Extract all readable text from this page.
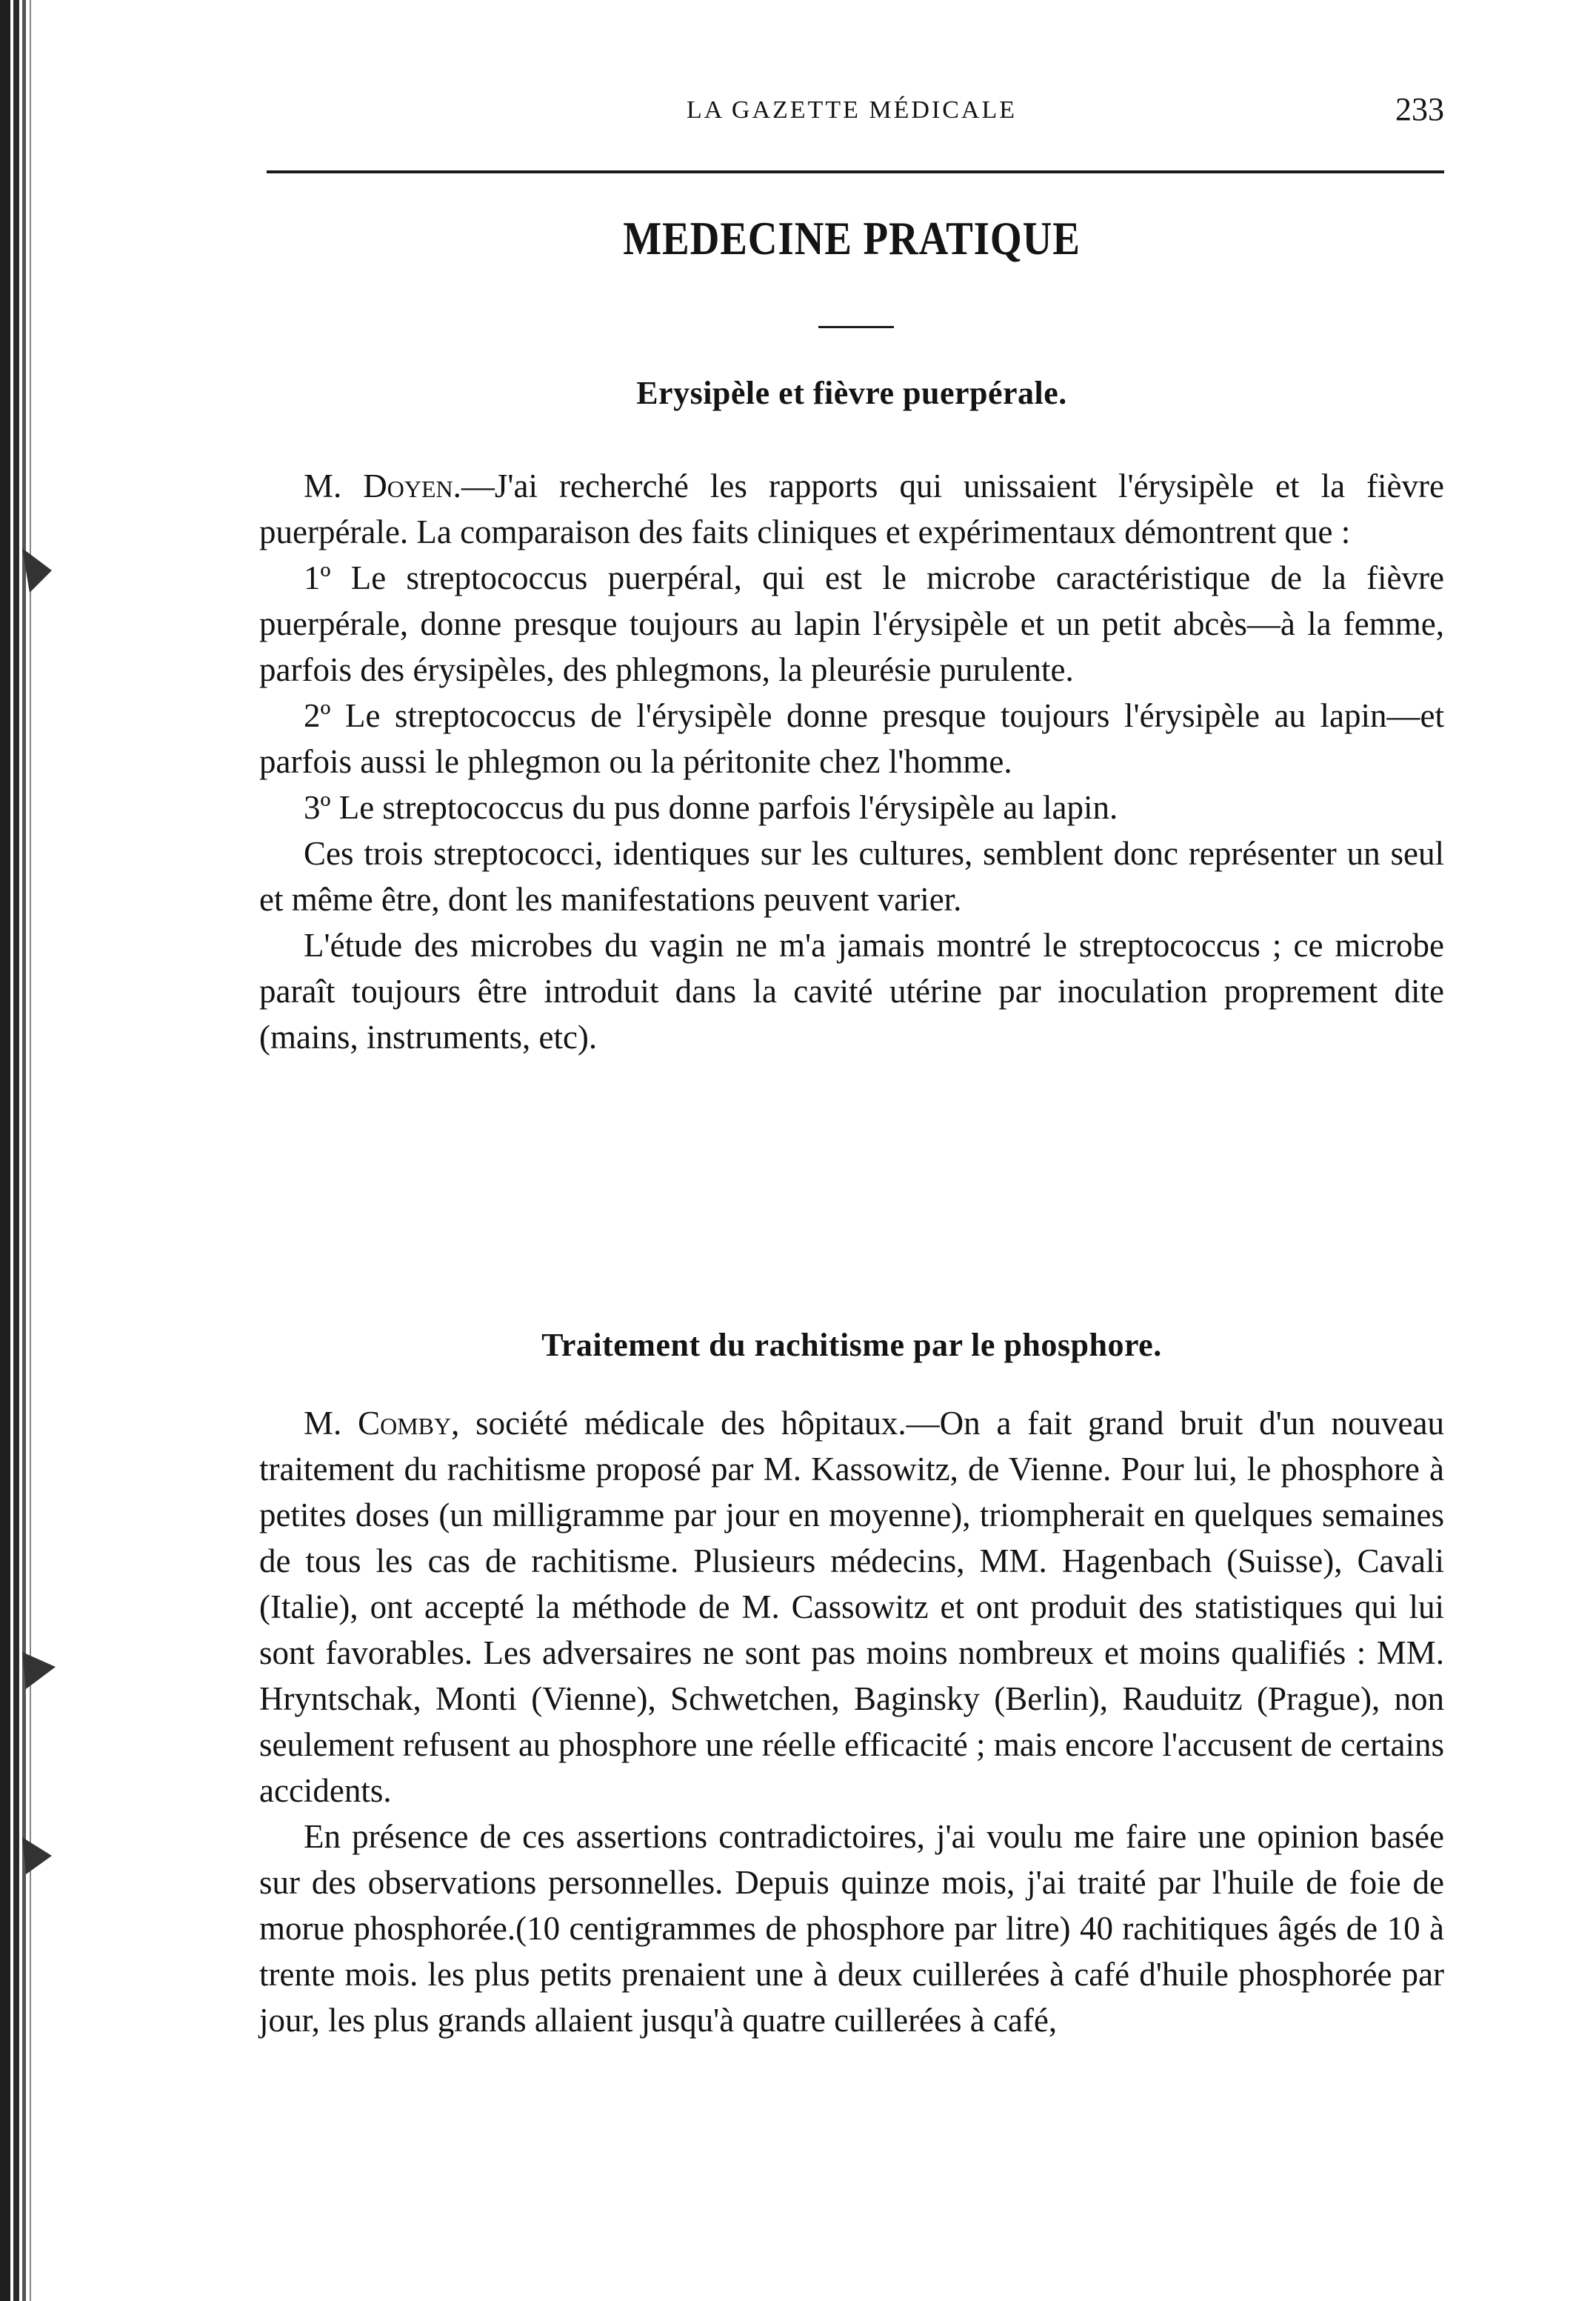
LA GAZETTE MÉDICALE	233
MEDECINE PRATIQUE
Erysipèle et fièvre puerpérale.

M. Doyen.—J'ai recherché les rapports qui unissaient l'érysipèle et la fièvre puerpérale. La comparaison des faits cliniques et expérimentaux démontrent que :

1º Le streptococcus puerpéral, qui est le microbe caractéristique de la fièvre puerpérale, donne presque toujours au lapin l'érysipèle et un petit abcès—à la femme, parfois des érysipèles, des phlegmons, la pleurésie purulente.

2º Le streptococcus de l'érysipèle donne presque toujours l'érysipèle au lapin—et parfois aussi le phlegmon ou la péritonite chez l'homme.

3º Le streptococcus du pus donne parfois l'érysipèle au lapin.

Ces trois streptococci, identiques sur les cultures, semblent donc représenter un seul et même être, dont les manifestations peuvent varier.

L'étude des microbes du vagin ne m'a jamais montré le streptococcus ; ce microbe paraît toujours être introduit dans la cavité utérine par inoculation proprement dite (mains, instruments, etc).

Traitement du rachitisme par le phosphore.

M. Comby, société médicale des hôpitaux.—On a fait grand bruit d'un nouveau traitement du rachitisme proposé par M. Kassowitz, de Vienne. Pour lui, le phosphore à petites doses (un milligramme par jour en moyenne), triompherait en quelques semaines de tous les cas de rachitisme. Plusieurs médecins, MM. Hagenbach (Suisse), Cavali (Italie), ont accepté la méthode de M. Cassowitz et ont produit des statistiques qui lui sont favorables. Les adversaires ne sont pas moins nombreux et moins qualifiés : MM. Hryntschak, Monti (Vienne), Schwetchen, Baginsky (Berlin), Rauduitz (Prague), non seulement refusent au phosphore une réelle efficacité ; mais encore l'accusent de certains accidents.

En présence de ces assertions contradictoires, j'ai voulu me faire une opinion basée sur des observations personnelles. Depuis quinze mois, j'ai traité par l'huile de foie de morue phosphorée.(10 centigrammes de phosphore par litre) 40 rachitiques âgés de 10 à trente mois. les plus petits prenaient une à deux cuillerées à café d'huile phosphorée par jour, les plus grands allaient jusqu'à quatre cuillerées à café,
